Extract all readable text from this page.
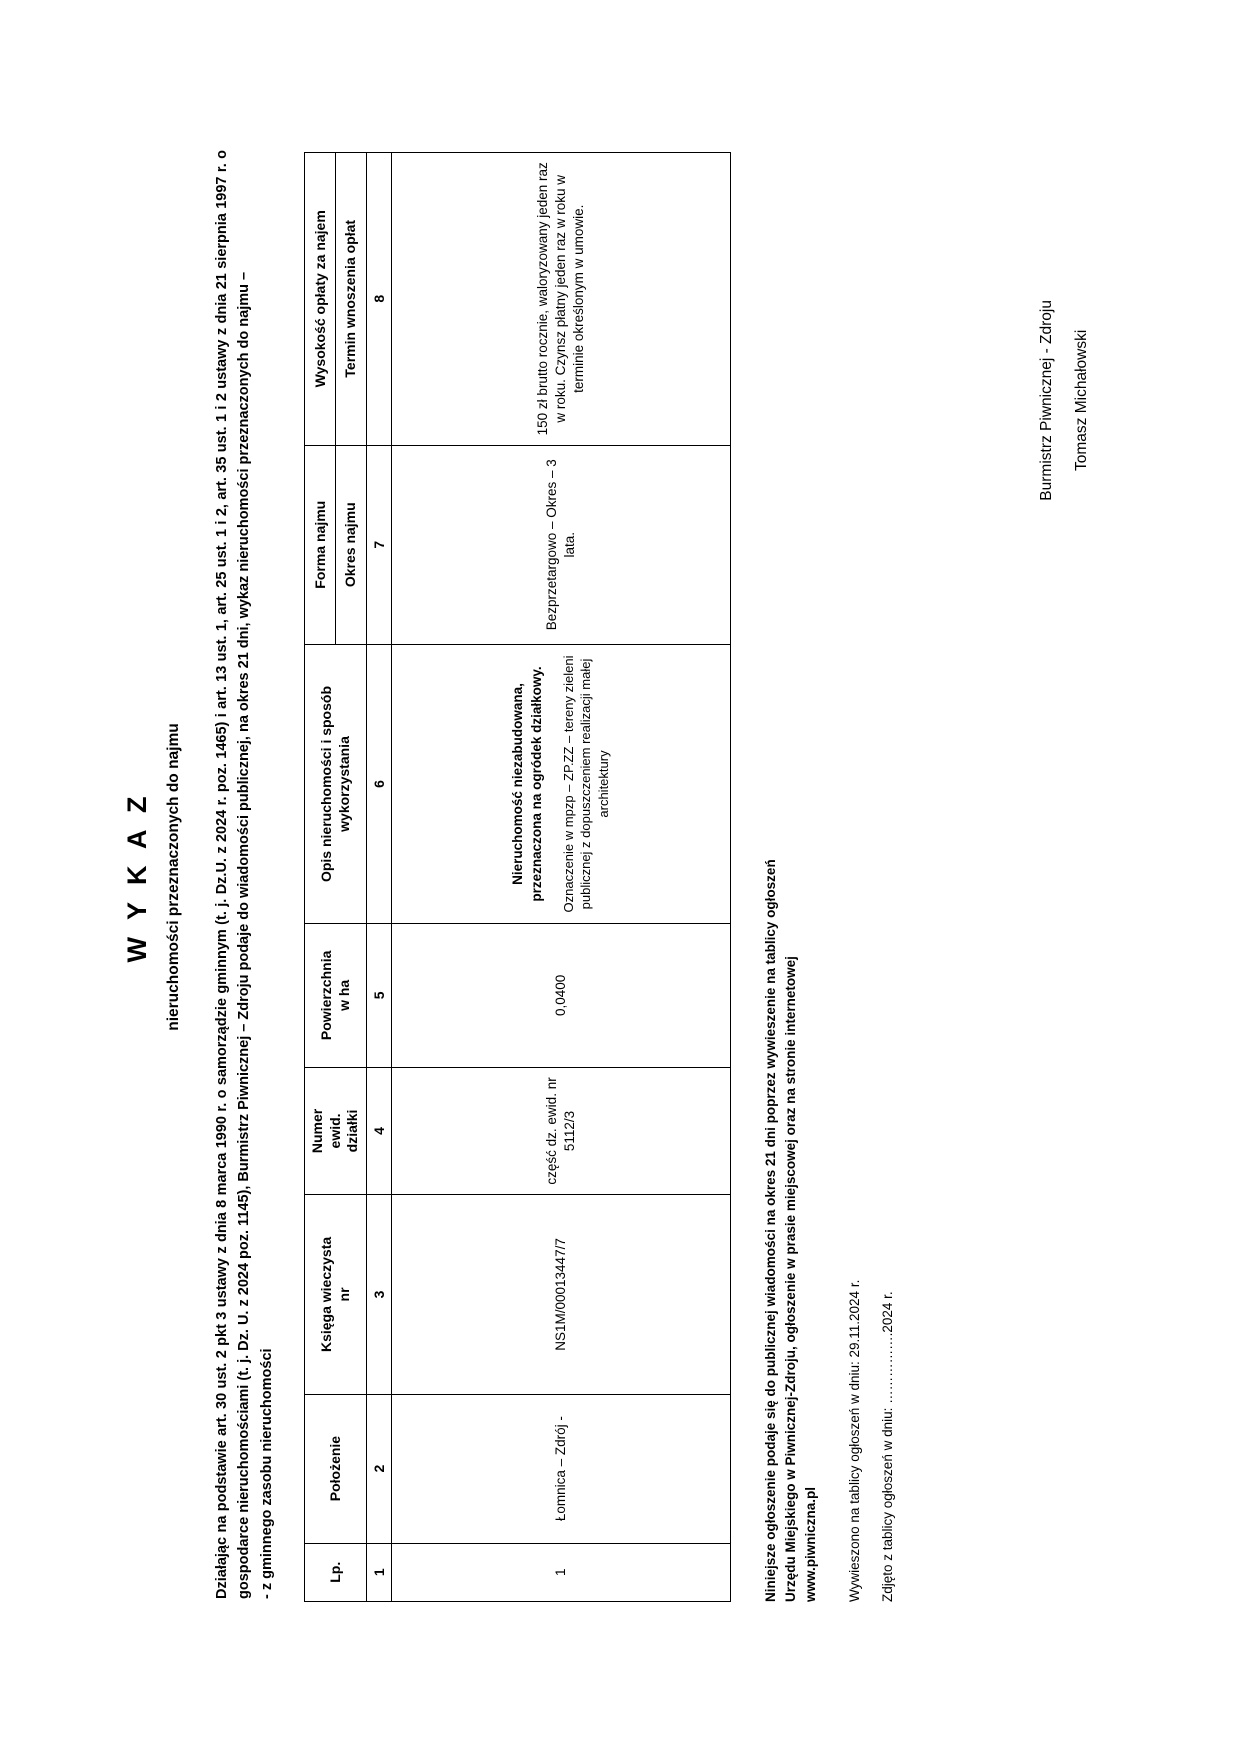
W Y K A Z nieruchomości przeznaczonych do najmu Działając na podstawie art. 30 ust. 2 pkt 3 ustawy z dnia 8 marca 1990 r. o samorządzie gminnym (t. j. Dz.U. z 2024 r. poz. 1465) i art. 13 ust. 1, art. 25 ust. 1 i 2, art. 35 ust. 1 i 2 ustawy z dnia 21 sierpnia 1997 r. o gospodarce nieruchomościami (t. j. Dz. U. z 2024 poz. 1145), Burmistrz Piwnicznej – Zdroju podaje do wiadomości publicznej, na okres 21 dni, wykaz nieruchomości przeznaczonych do najmu – - z gminnego zasobu nieruchomości	Lp.	Położenie	Księga wieczysta nr	Numer ewid. działki	Powierzchnia w ha	Opis nieruchomości i sposób wykorzystania	Forma najmu	Wysokość opłaty za najem
						Okres najmu	Termin wnoszenia opłat
1	2	3	4	5	6	7	8
1	Łomnica – Zdrój -	NS1M/00013447/7	część dz. ewid. nr 5112/3	0,0400	Nieruchomość niezabudowana, przeznaczona na ogródek działkowy. Oznaczenie w mpzp – ZP.ZZ – tereny zieleni publicznej z dopuszczeniem realizacji małej architektury	Bezprzetargowo – Okres – 3 lata.	150 zł brutto rocznie, waloryzowany jeden raz w roku. Czynsz płatny jeden raz w roku w terminie określonym w umowie.
Niniejsze ogłoszenie podaje się do publicznej wiadomości na okres 21 dni poprzez wywieszenie na tablicy ogłoszeń Urzędu Miejskiego w Piwnicznej-Zdroju, ogłoszenie w prasie miejscowej oraz na stronie internetowej www.piwniczna.pl Wywieszono na tablicy ogłoszeń w dniu: 29.11.2024 r. Zdjęto z tablicy ogłoszeń w dniu: …………….2024 r.
Burmistrz Piwnicznej - Zdroju	Tomasz Michałowski
